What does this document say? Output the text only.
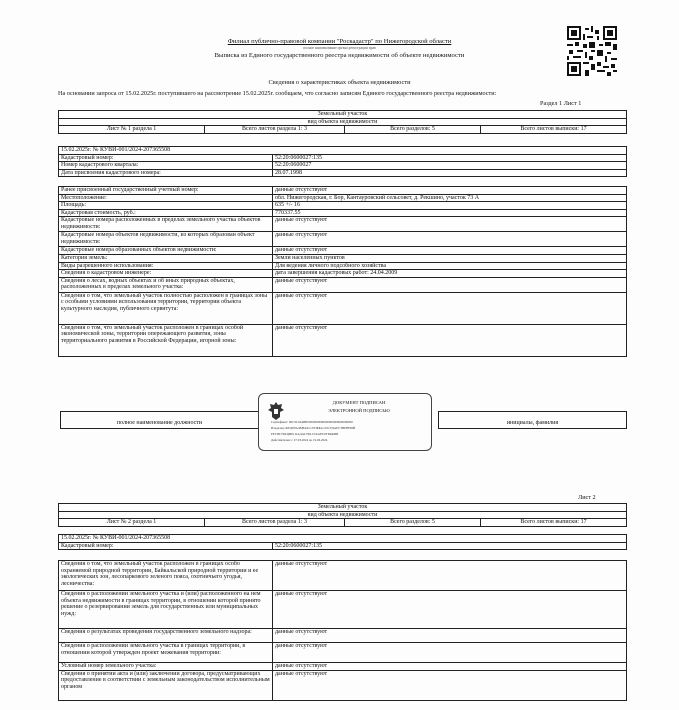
Филиал публично-правовой компании "Роскадастр" по Нижегородской области
полное наименование органа регистрации прав
Выписка из Единого государственного реестра недвижимости об объекте недвижимости
Сведения о характеристиках объекта недвижимости
На основании запроса от 15.02.2025г. поступившего на рассмотрение 15.02.2025г. сообщаем, что согласно записям Единого государственного реестра недвижимости:
Раздел 1 Лист 1
Земельный участок
вид объекта недвижимости
Лист № 1 раздела 1	Всего листов раздела 1: 3	Всего разделов: 5	Всего листов выписки: 17
15.02.2025г. № КУВИ-001/2024-207365508	
Кадастровый номер:	52:20:0600027:135
Номер кадастрового квартала:	52:20:0600027
Дата присвоения кадастрового номера:	28.07.1998
Ранее присвоенный государственный учетный номер:	данные отсутствуют
Местоположение:	обл. Нижегородская, г. Бор, Кантауровский сельсовет, д. Рекшино, участок 73 А
Площадь:	635 +/- 16
Кадастровая стоимость, руб.:	770337.55
Кадастровые номера расположенных в пределах земельного участка объектов недвижимости:	данные отсутствуют
Кадастровые номера объектов недвижимости, из которых образован объект недвижимости:	данные отсутствуют
Кадастровые номера образованных объектов недвижимости:	данные отсутствуют
Категория земель:	Земли населенных пунктов
Виды разрешенного использования:	Для ведения личного подсобного хозяйства
Сведения о кадастровом инженере:	дата завершения кадастровых работ: 24.04.2009
Сведения о лесах, водных объектах и об иных природных объектах, расположенных в пределах земельного участка:	данные отсутствуют
Сведения о том, что земельный участок полностью расположен в границах зоны с особыми условиями использования территории, территории объекта культурного наследия, публичного сервитута:	данные отсутствуют
Сведения о том, что земельный участок расположен в границах особой экономической зоны, территории опережающего развития, зоны территориального развития в Российской Федерации, игорной зоны:	данные отсутствуют

полное наименование должности		инициалы, фамилия
ДОКУМЕНТ ПОДПИСАН
ЭЛЕКТРОННОЙ ПОДПИСЬЮ
Сертификат: 00C9C0ADBE0000000000000000000000000000
Владелец: ФЕДЕРАЛЬНАЯ СЛУЖБА ГОСУДАРСТВЕННОЙ
РЕГИСТРАЦИИ, КАДАСТРА И КАРТОГРАФИИ
Действителен: с 27.03.2024 по 19.06.2024
Лист 2
Земельный участок
вид объекта недвижимости
Лист № 2 раздела 1	Всего листов раздела 1: 3	Всего разделов: 5	Всего листов выписки: 17
15.02.2025г. № КУВИ-001/2024-207365508
Кадастровый номер:	52:20:0600027:135
Сведения о том, что земельный участок расположен в границах особо охраняемой природной территории, Байкальской природной территории и ее экологических зон, лесопаркового зеленого пояса, охотничьего угодья, лесничества:	данные отсутствуют
Сведения о расположении земельного участка и (или) расположенного на нем объекта недвижимости в границах территории, в отношении которой принято решение о резервировании земель для государственных или муниципальных нужд:	данные отсутствуют
Сведения о результатах проведения государственного земельного надзора:	данные отсутствуют
Сведения о расположении земельного участка в границах территории, в отношении которой утвержден проект межевания территории:	данные отсутствуют
Условный номер земельного участка:	данные отсутствуют
Сведения о принятии акта и (или) заключении договора, предусматривающих предоставление в соответствии с земельным законодательством исполнительным органом	данные отсутствуют
